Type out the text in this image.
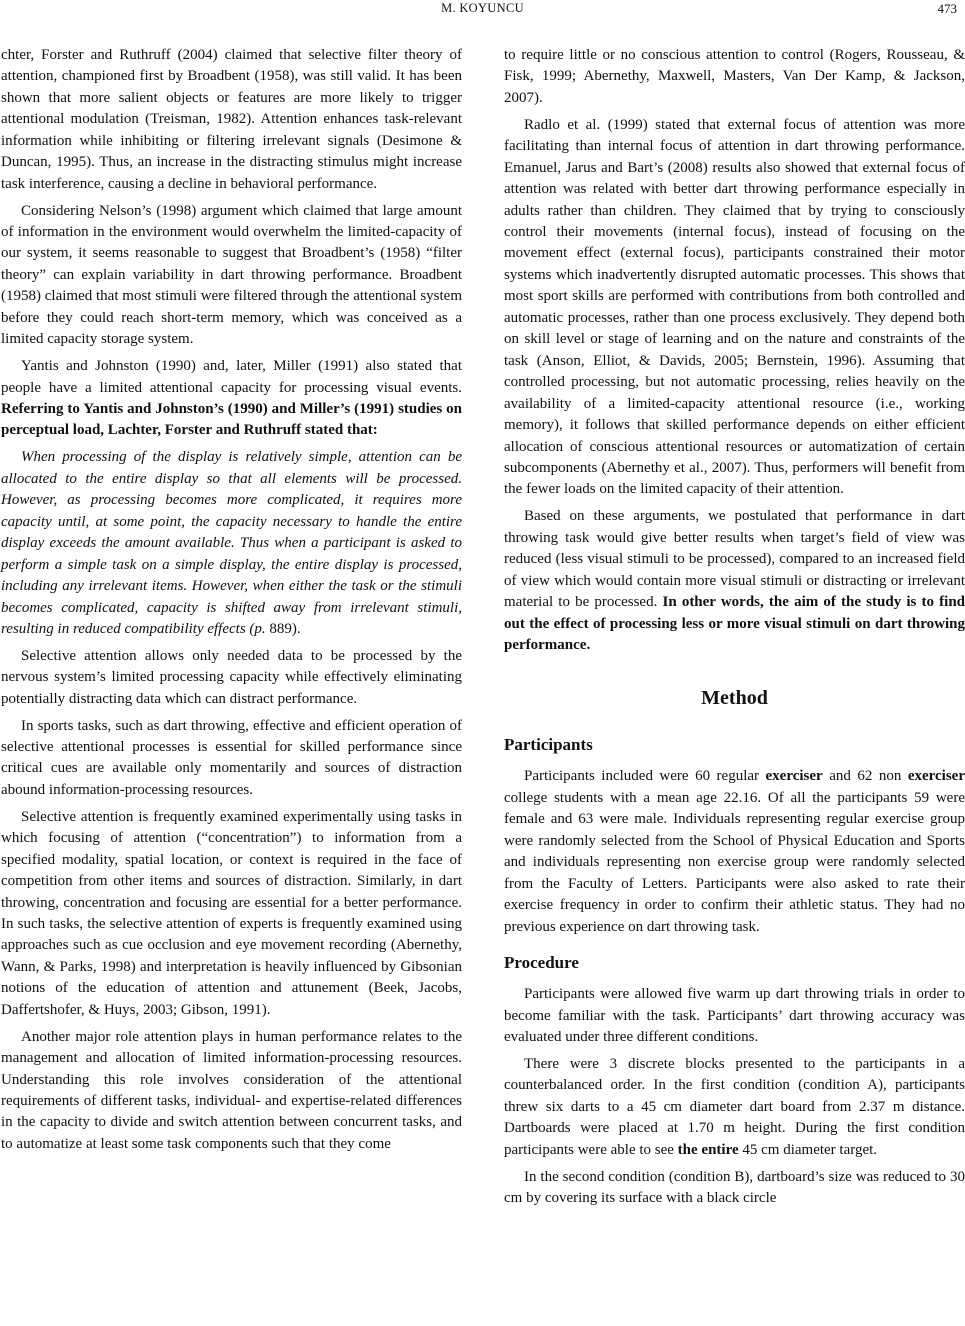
M. KOYUNCU	473

chter, Forster and Ruthruff (2004) claimed that selective filter theory of attention, championed first by Broadbent (1958), was still valid. It has been shown that more salient objects or features are more likely to trigger attentional modulation (Treisman, 1982). Attention enhances task-relevant information while inhibiting or filtering irrelevant signals (Desimone & Duncan, 1995). Thus, an increase in the distracting stimulus might increase task interference, causing a decline in behavioral performance.

Considering Nelson’s (1998) argument which claimed that large amount of information in the environment would overwhelm the limited-capacity of our system, it seems reasonable to suggest that Broadbent’s (1958) “filter theory” can explain variability in dart throwing performance. Broadbent (1958) claimed that most stimuli were filtered through the attentional system before they could reach short-term memory, which was conceived as a limited capacity storage system.

Yantis and Johnston (1990) and, later, Miller (1991) also stated that people have a limited attentional capacity for processing visual events. Referring to Yantis and Johnston’s (1990) and Miller’s (1991) studies on perceptual load, Lachter, Forster and Ruthruff stated that:

When processing of the display is relatively simple, attention can be allocated to the entire display so that all elements will be processed. However, as processing becomes more complicated, it requires more capacity until, at some point, the capacity necessary to handle the entire display exceeds the amount available. Thus when a participant is asked to perform a simple task on a simple display, the entire display is processed, including any irrelevant items. However, when either the task or the stimuli becomes complicated, capacity is shifted away from irrelevant stimuli, resulting in reduced compatibility effects (p. 889).

Selective attention allows only needed data to be processed by the nervous system’s limited processing capacity while effectively eliminating potentially distracting data which can distract performance.

In sports tasks, such as dart throwing, effective and efficient operation of selective attentional processes is essential for skilled performance since critical cues are available only momentarily and sources of distraction abound information-processing resources.

Selective attention is frequently examined experimentally using tasks in which focusing of attention (“concentration”) to information from a specified modality, spatial location, or context is required in the face of competition from other items and sources of distraction. Similarly, in dart throwing, concentration and focusing are essential for a better performance. In such tasks, the selective attention of experts is frequently examined using approaches such as cue occlusion and eye movement recording (Abernethy, Wann, & Parks, 1998) and interpretation is heavily influenced by Gibsonian notions of the education of attention and attunement (Beek, Jacobs, Daffertshofer, & Huys, 2003; Gibson, 1991).

Another major role attention plays in human performance relates to the management and allocation of limited information-processing resources. Understanding this role involves consideration of the attentional requirements of different tasks, individual- and expertise-related differences in the capacity to divide and switch attention between concurrent tasks, and to automatize at least some task components such that they come

to require little or no conscious attention to control (Rogers, Rousseau, & Fisk, 1999; Abernethy, Maxwell, Masters, Van Der Kamp, & Jackson, 2007).

Radlo et al. (1999) stated that external focus of attention was more facilitating than internal focus of attention in dart throwing performance. Emanuel, Jarus and Bart’s (2008) results also showed that external focus of attention was related with better dart throwing performance especially in adults rather than children. They claimed that by trying to consciously control their movements (internal focus), instead of focusing on the movement effect (external focus), participants constrained their motor systems which inadvertently disrupted automatic processes. This shows that most sport skills are performed with contributions from both controlled and automatic processes, rather than one process exclusively. They depend both on skill level or stage of learning and on the nature and constraints of the task (Anson, Elliot, & Davids, 2005; Bernstein, 1996). Assuming that controlled processing, but not automatic processing, relies heavily on the availability of a limited-capacity attentional resource (i.e., working memory), it follows that skilled performance depends on either efficient allocation of conscious attentional resources or automatization of certain subcomponents (Abernethy et al., 2007). Thus, performers will benefit from the fewer loads on the limited capacity of their attention.

Based on these arguments, we postulated that performance in dart throwing task would give better results when target’s field of view was reduced (less visual stimuli to be processed), compared to an increased field of view which would contain more visual stimuli or distracting or irrelevant material to be processed. In other words, the aim of the study is to find out the effect of processing less or more visual stimuli on dart throwing performance.

Method
Participants

Participants included were 60 regular exerciser and 62 non exerciser college students with a mean age 22.16. Of all the participants 59 were female and 63 were male. Individuals representing regular exercise group were randomly selected from the School of Physical Education and Sports and individuals representing non exercise group were randomly selected from the Faculty of Letters. Participants were also asked to rate their exercise frequency in order to confirm their athletic status. They had no previous experience on dart throwing task.

Procedure

Participants were allowed five warm up dart throwing trials in order to become familiar with the task. Participants’ dart throwing accuracy was evaluated under three different conditions.

There were 3 discrete blocks presented to the participants in a counterbalanced order. In the first condition (condition A), participants threw six darts to a 45 cm diameter dart board from 2.37 m distance. Dartboards were placed at 1.70 m height. During the first condition participants were able to see the entire 45 cm diameter target.

In the second condition (condition B), dartboard’s size was reduced to 30 cm by covering its surface with a black circle
